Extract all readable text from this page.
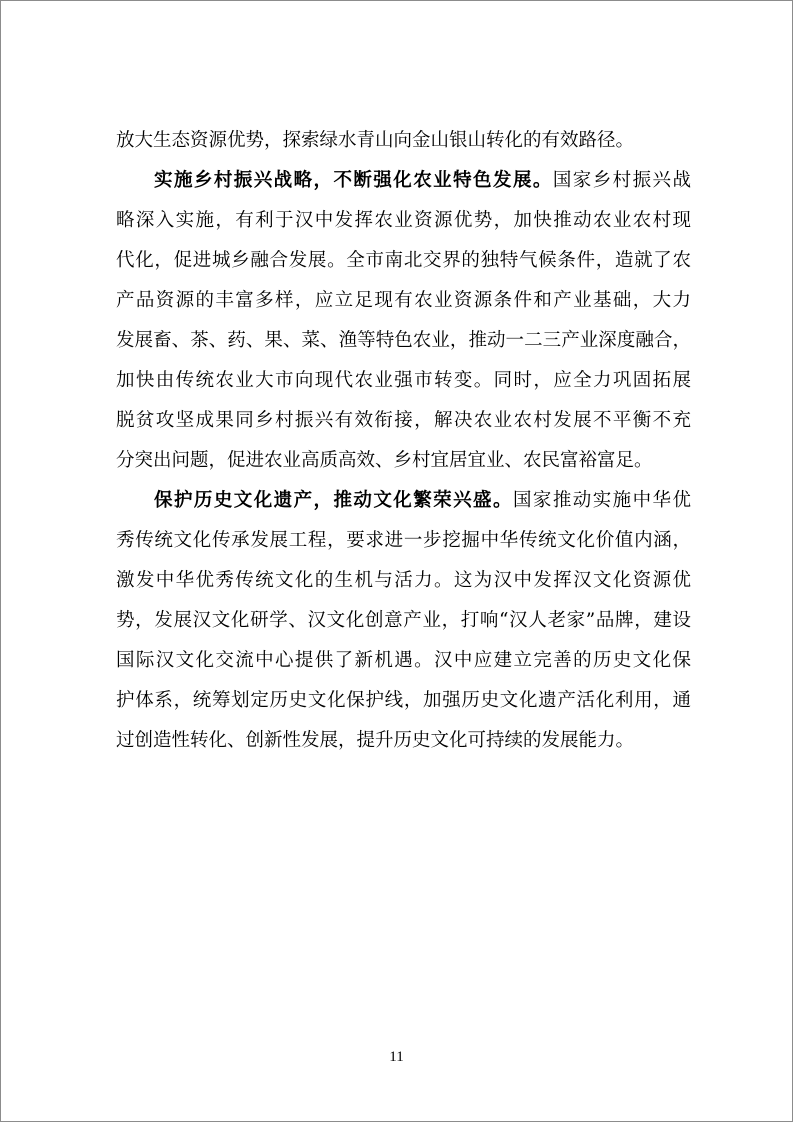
放大生态资源优势，探索绿水青山向金山银山转化的有效路径。
实施乡村振兴战略，不断强化农业特色发展。国家乡村振兴战
略深入实施，有利于汉中发挥农业资源优势，加快推动农业农村现
代化，促进城乡融合发展。全市南北交界的独特气候条件，造就了农
产品资源的丰富多样，应立足现有农业资源条件和产业基础，大力
发展畜、茶、药、果、菜、渔等特色农业，推动一二三产业深度融合，
加快由传统农业大市向现代农业强市转变。同时，应全力巩固拓展
脱贫攻坚成果同乡村振兴有效衔接，解决农业农村发展不平衡不充
分突出问题，促进农业高质高效、乡村宜居宜业、农民富裕富足。
保护历史文化遗产，推动文化繁荣兴盛。国家推动实施中华优
秀传统文化传承发展工程，要求进一步挖掘中华传统文化价值内涵，
激发中华优秀传统文化的生机与活力。这为汉中发挥汉文化资源优
势，发展汉文化研学、汉文化创意产业，打响“汉人老家”品牌，建设
国际汉文化交流中心提供了新机遇。汉中应建立完善的历史文化保
护体系，统筹划定历史文化保护线，加强历史文化遗产活化利用，通
过创造性转化、创新性发展，提升历史文化可持续的发展能力。
11
